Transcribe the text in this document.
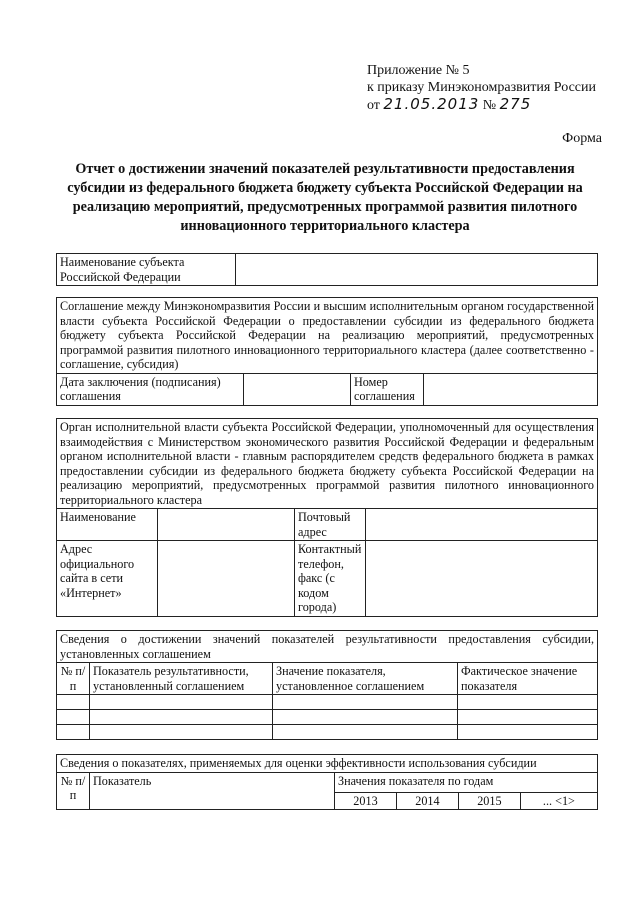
Приложение № 5
к приказу Минэкономразвития России
от 21.05.2013 № 275
Форма
Отчет о достижении значений показателей результативности предоставления субсидии из федерального бюджета бюджету субъекта Российской Федерации на реализацию мероприятий, предусмотренных программой развития пилотного инновационного территориального кластера
Наименование субъекта Российской Федерации	
Соглашение между Минэкономразвития России и высшим исполнительным органом государственной власти субъекта Российской Федерации о предоставлении субсидии из федерального бюджета бюджету субъекта Российской Федерации на реализацию мероприятий, предусмотренных программой развития пилотного инновационного территориального кластера (далее соответственно - соглашение, субсидия)
Дата заключения (подписания) соглашения		Номер соглашения	
Орган исполнительной власти субъекта Российской Федерации, уполномоченный для осуществления взаимодействия с Министерством экономического развития Российской Федерации и федеральным органом исполнительной власти - главным распорядителем средств федерального бюджета в рамках предоставлении субсидии из федерального бюджета бюджету субъекта Российской Федерации на реализацию мероприятий, предусмотренных программой развития пилотного инновационного территориального кластера			
Наименование		Почтовый адрес	
Адрес официального сайта в сети «Интернет»		Контактный телефон, факс (с кодом города)	
Сведения о достижении значений показателей результативности предоставления субсидии, установленных соглашением			
№ п/п	Показатель результативности, установленный соглашением	Значение показателя, установленное соглашением	Фактическое значение показателя

Сведения о показателях, применяемых для оценки эффективности использования субсидии					
№ п/п	Показатель	Значения показателя по годам			
		2013	2014	2015	... <1>
